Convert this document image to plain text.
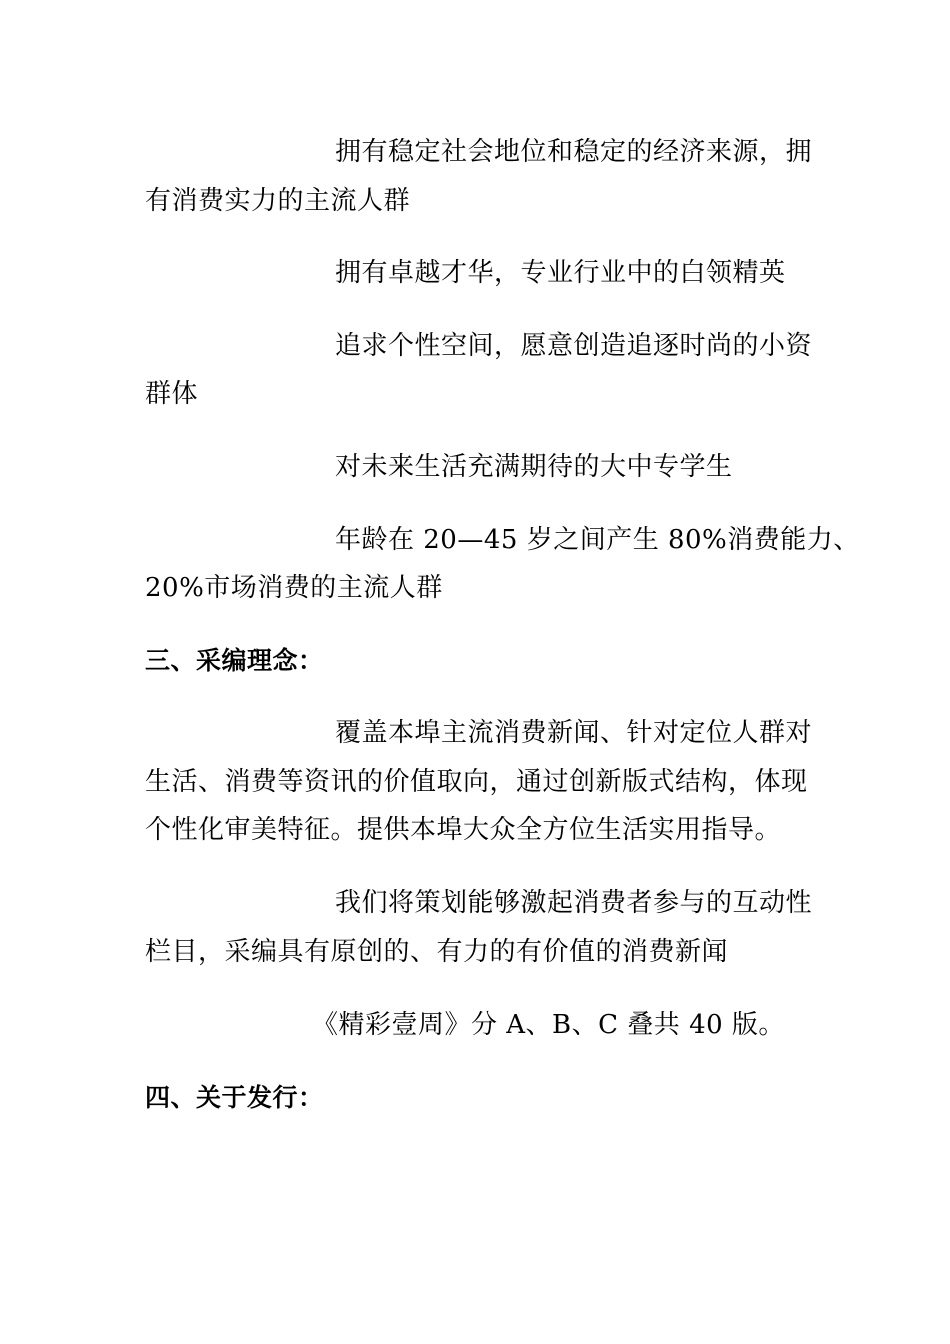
拥有稳定社会地位和稳定的经济来源，拥
有消费实力的主流人群
拥有卓越才华，专业行业中的白领精英
追求个性空间，愿意创造追逐时尚的小资
群体
对未来生活充满期待的大中专学生
年龄在 20—45 岁之间产生 80%消费能力、
20%市场消费的主流人群
三、采编理念：
覆盖本埠主流消费新闻、针对定位人群对
生活、消费等资讯的价值取向，通过创新版式结构，体现
个性化审美特征。提供本埠大众全方位生活实用指导。
我们将策划能够激起消费者参与的互动性
栏目，采编具有原创的、有力的有价值的消费新闻
《精彩壹周》分 A、B、C 叠共 40 版。
四、关于发行：
